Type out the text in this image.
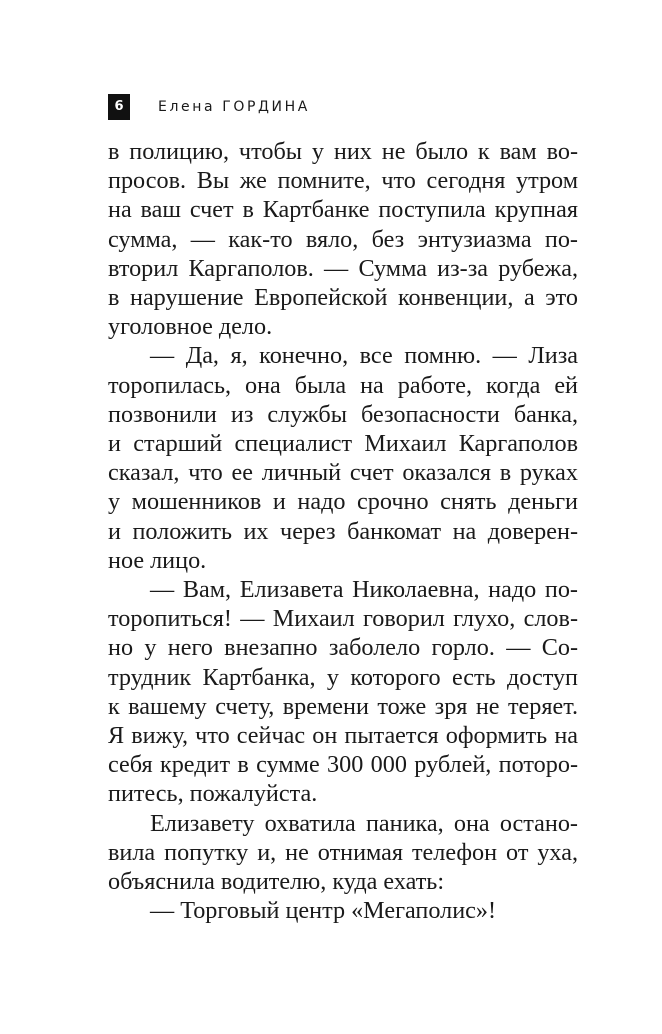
6	Елена ГОРДИНА
в полицию, чтобы у них не было к вам во-
просов. Вы же помните, что сегодня утром
на ваш счет в Картбанке поступила крупная
сумма, — как-то вяло, без энтузиазма по-
вторил Каргаполов. — Сумма из-за рубежа,
в нарушение Европейской конвенции, а это
уголовное дело.
— Да, я, конечно, все помню. — Лиза
торопилась, она была на работе, когда ей
позвонили из службы безопасности банка,
и старший специалист Михаил Каргаполов
сказал, что ее личный счет оказался в руках
у мошенников и надо срочно снять деньги
и положить их через банкомат на доверен-
ное лицо.
— Вам, Елизавета Николаевна, надо по-
торопиться! — Михаил говорил глухо, слов-
но у него внезапно заболело горло. — Со-
трудник Картбанка, у которого есть доступ
к вашему счету, времени тоже зря не теряет.
Я вижу, что сейчас он пытается оформить на
себя кредит в сумме 300 000 рублей, поторо-
питесь, пожалуйста.
Елизавету охватила паника, она остано-
вила попутку и, не отнимая телефон от уха,
объяснила водителю, куда ехать:
— Торговый центр «Мегаполис»!
